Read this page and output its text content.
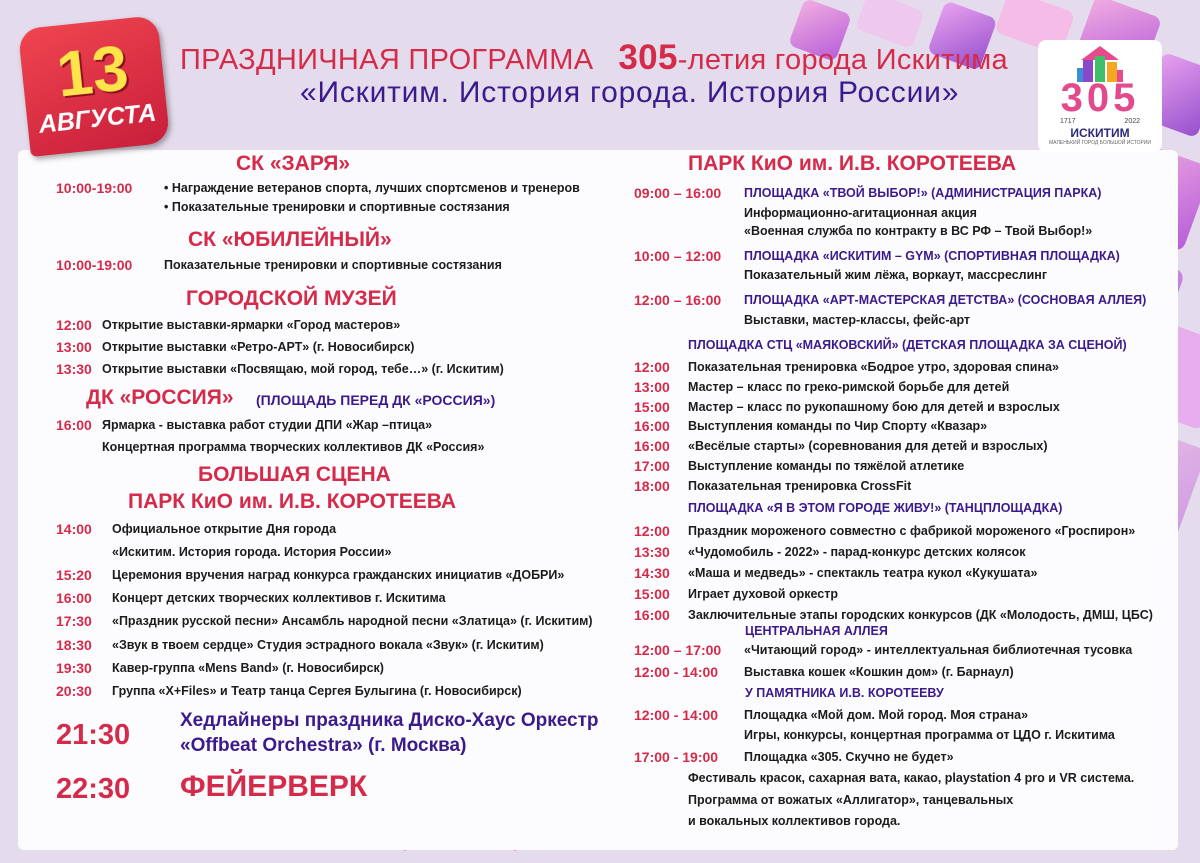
13
АВГУСТА
ПРАЗДНИЧНАЯ ПРОГРАММА 305-летия города Искитима
«Искитим. История города. История России»	305
1717	2022
ИСКИТИМ
МАЛЕНЬКИЙ ГОРОД БОЛЬШОЙ ИСТОРИИ
СК «ЗАРЯ»
10:00-19:00	• Награждение ветеранов спорта, лучших спортсменов и тренеров
• Показательные тренировки и спортивные состязания
СК «ЮБИЛЕЙНЫЙ»
10:00-19:00	Показательные тренировки и спортивные состязания
ГОРОДСКОЙ МУЗЕЙ
12:00 Открытие выставки-ярмарки «Город мастеров»
13:00 Открытие выставки «Ретро-АРТ» (г. Новосибирск)
13:30 Открытие выставки «Посвящаю, мой город, тебе…» (г. Искитим)
ДК «РОССИЯ» (ПЛОЩАДЬ ПЕРЕД ДК «РОССИЯ»)
16:00 Ярмарка - выставка работ студии ДПИ «Жар –птица»
Концертная программа творческих коллективов ДК «Россия»
БОЛЬШАЯ СЦЕНА
ПАРК КиО им. И.В. КОРОТЕЕВА
14:00 Официальное открытие Дня города
«Искитим. История города. История России»
15:20 Церемония вручения наград конкурса гражданских инициатив «ДОБРИ»
16:00 Концерт детских творческих коллективов г. Искитима
17:30 «Праздник русской песни» Ансамбль народной песни «Златица» (г. Искитим)
18:30 «Звук в твоем сердце» Студия эстрадного вокала «Звук» (г. Искитим)
19:30 Кавер-группа «Mens Band» (г. Новосибирск)
20:30 Группа «X+Files» и Театр танца Сергея Булыгина (г. Новосибирск)
21:30	Хедлайнеры праздника Диско-Хаус Оркестр
«Offbeat Orchestra» (г. Москва)
22:30 ФЕЙЕРВЕРК
ПАРК КиО им. И.В. КОРОТЕЕВА
09:00 – 16:00 ПЛОЩАДКА «ТВОЙ ВЫБОР!» (АДМИНИСТРАЦИЯ ПАРКА)
Информационно-агитационная акция
«Военная служба по контракту в ВС РФ – Твой Выбор!»
10:00 – 12:00 ПЛОЩАДКА «ИСКИТИМ – GYM» (СПОРТИВНАЯ ПЛОЩАДКА)
Показательный жим лёжа, воркаут, массреслинг
12:00 – 16:00 ПЛОЩАДКА «АРТ-МАСТЕРСКАЯ ДЕТСТВА» (СОСНОВАЯ АЛЛЕЯ)
Выставки, мастер-классы, фейс-арт
ПЛОЩАДКА СТЦ «МАЯКОВСКИЙ» (ДЕТСКАЯ ПЛОЩАДКА ЗА СЦЕНОЙ)
12:00 Показательная тренировка «Бодрое утро, здоровая спина»
13:00 Мастер – класс по греко-римской борьбе для детей
15:00 Мастер – класс по рукопашному бою для детей и взрослых
16:00 Выступления команды по Чир Спорту «Квазар»
16:00 «Весёлые старты» (соревнования для детей и взрослых)
17:00 Выступление команды по тяжёлой атлетике
18:00 Показательная тренировка CrossFit
ПЛОЩАДКА «Я В ЭТОМ ГОРОДЕ ЖИВУ!» (ТАНЦПЛОЩАДКА)
12:00 Праздник мороженого совместно с фабрикой мороженого «Гроспирон»
13:30 «Чудомобиль - 2022» - парад-конкурс детских колясок
14:30 «Маша и медведь» - спектакль театра кукол «Кукушата»
15:00 Играет духовой оркестр
16:00 Заключительные этапы городских конкурсов (ДК «Молодость, ДМШ, ЦБС)
ЦЕНТРАЛЬНАЯ АЛЛЕЯ
12:00 – 17:00 «Читающий город» - интеллектуальная библиотечная тусовка
12:00 - 14:00 Выставка кошек «Кошкин дом» (г. Барнаул)
У ПАМЯТНИКА И.В. КОРОТЕЕВУ
12:00 - 14:00 Площадка «Мой дом. Мой город. Моя страна»
Игры, конкурсы, концертная программа от ЦДО г. Искитима
17:00 - 19:00 Площадка «305. Скучно не будет»
Фестиваль красок, сахарная вата, какао, playstation 4 pro и VR система.
Программа от вожатых «Аллигатор», танцевальных
и вокальных коллективов города.
